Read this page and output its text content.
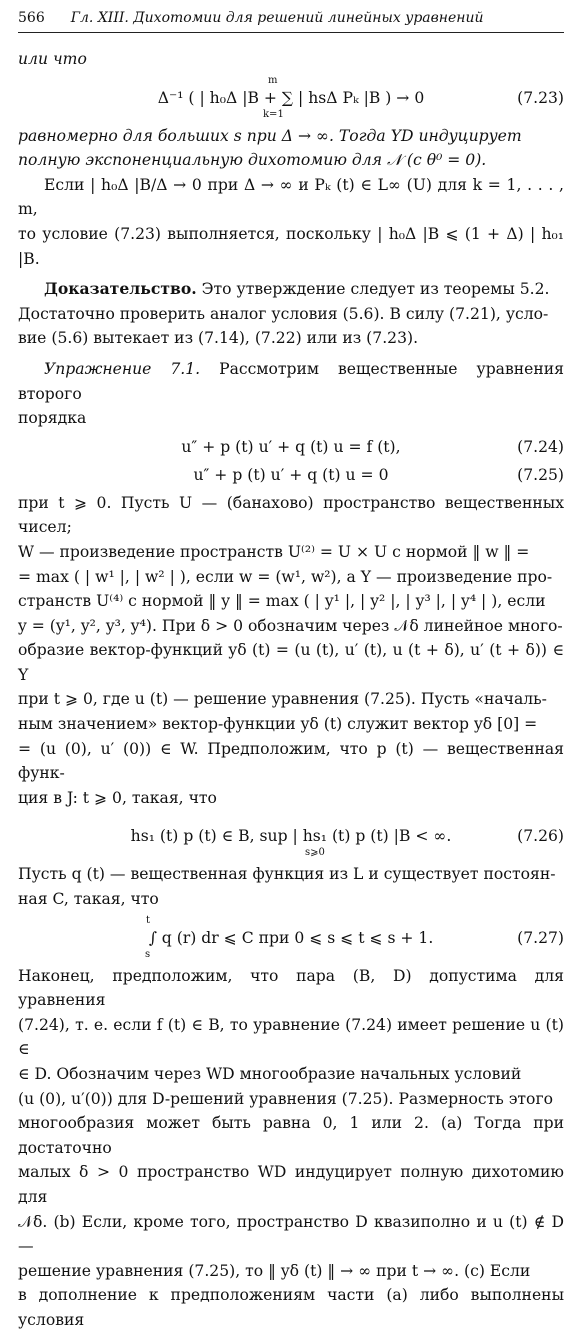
566 Гл. XIII. Дихотомии для решений линейных уравнений

или что

m
k=1
Δ⁻¹ ( | h₀Δ |B + ∑ | hsΔ Pₖ |B ) → 0	(7.23)

равномерно для больших s при Δ → ∞. Тогда YD индуцирует

полную экспоненциальную дихотомию для 𝒩 (с θ⁰ = 0).

Если | h₀Δ |B/Δ → 0 при Δ → ∞ и Pₖ (t) ∈ L∞ (U) для k = 1, . . . , m,

то условие (7.23) выполняется, поскольку | h₀Δ |B ⩽ (1 + Δ) | h₀₁ |B.

Доказательство. Это утверждение следует из теоремы 5.2.

Достаточно проверить аналог условия (5.6). В силу (7.21), усло-

вие (5.6) вытекает из (7.14), (7.22) или из (7.23).

Упражнение 7.1. Рассмотрим вещественные уравнения второго

порядка

u″ + p (t) u′ + q (t) u = f (t),	(7.24)
u″ + p (t) u′ + q (t) u = 0	(7.25)

при t ⩾ 0. Пусть U — (банахово) пространство вещественных чисел;

W — произведение пространств U⁽²⁾ = U × U с нормой ‖ w ‖ =

= max ( | w¹ |, | w² | ), если w = (w¹, w²), а Y — произведение про-

странств U⁽⁴⁾ с нормой ‖ y ‖ = max ( | y¹ |, | y² |, | y³ |, | y⁴ | ), если

y = (y¹, y², y³, y⁴). При δ > 0 обозначим через 𝒩δ линейное много-

образие вектор-функций yδ (t) = (u (t), u′ (t), u (t + δ), u′ (t + δ)) ∈ Y

при t ⩾ 0, где u (t) — решение уравнения (7.25). Пусть «началь-

ным значением» вектор-функции yδ (t) служит вектор yδ [0] =

= (u (0), u′ (0)) ∈ W. Предположим, что p (t) — вещественная функ-

ция в J: t ⩾ 0, такая, что

s⩾0
hs₁ (t) p (t) ∈ B, sup | hs₁ (t) p (t) |B < ∞.	(7.26)

Пусть q (t) — вещественная функция из L и существует постоян-

ная C, такая, что

t
s
∫ q (r) dr ⩽ C при 0 ⩽ s ⩽ t ⩽ s + 1.	(7.27)

Наконец, предположим, что пара (B, D) допустима для уравнения

(7.24), т. е. если f (t) ∈ B, то уравнение (7.24) имеет решение u (t) ∈

∈ D. Обозначим через WD многообразие начальных условий

(u (0), u′(0)) для D-решений уравнения (7.25). Размерность этого

многообразия может быть равна 0, 1 или 2. (a) Тогда при достаточно

малых δ > 0 пространство WD индуцирует полную дихотомию для

𝒩δ. (b) Если, кроме того, пространство D квазиполно и u (t) ∉ D —

решение уравнения (7.25), то ‖ yδ (t) ‖ → ∞ при t → ∞. (c) Если

в дополнение к предположениям части (a) либо выполнены условия
